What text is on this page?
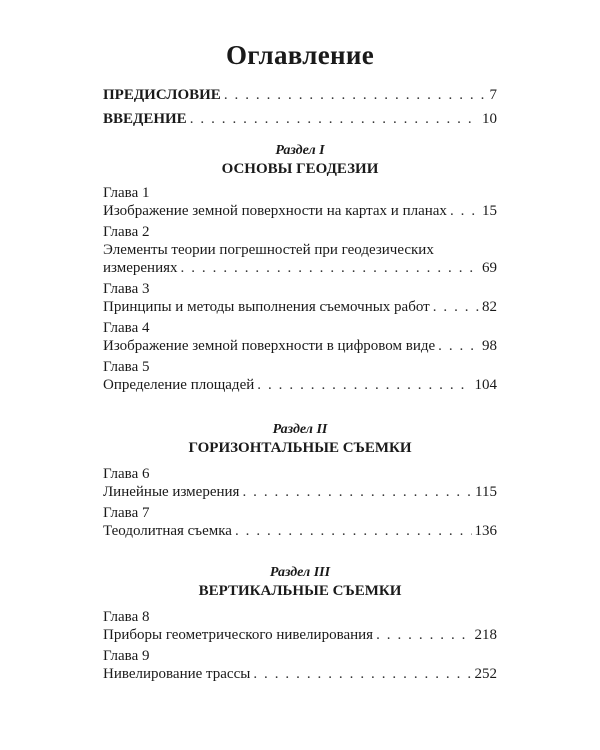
Оглавление
ПРЕДИСЛОВИЕ . . .	7
ВВЕДЕНИЕ . . .	10
Раздел I
ОСНОВЫ ГЕОДЕЗИИ
Глава 1
Изображение земной поверхности на картах и планах . . . 15
Глава 2
Элементы теории погрешностей при геодезических
измерениях . . .	69
Глава 3
Принципы и методы выполнения съемочных работ . . .	82
Глава 4
Изображение земной поверхности в цифровом виде . . .	98
Глава 5
Определение площадей . . .	104
Раздел II
ГОРИЗОНТАЛЬНЫЕ СЪЕМКИ
Глава 6
Линейные измерения . . .	115
Глава 7
Теодолитная съемка . . .	136
Раздел III
ВЕРТИКАЛЬНЫЕ СЪЕМКИ
Глава 8
Приборы геометрического нивелирования . . .	218
Глава 9
Нивелирование трассы . . .	252
